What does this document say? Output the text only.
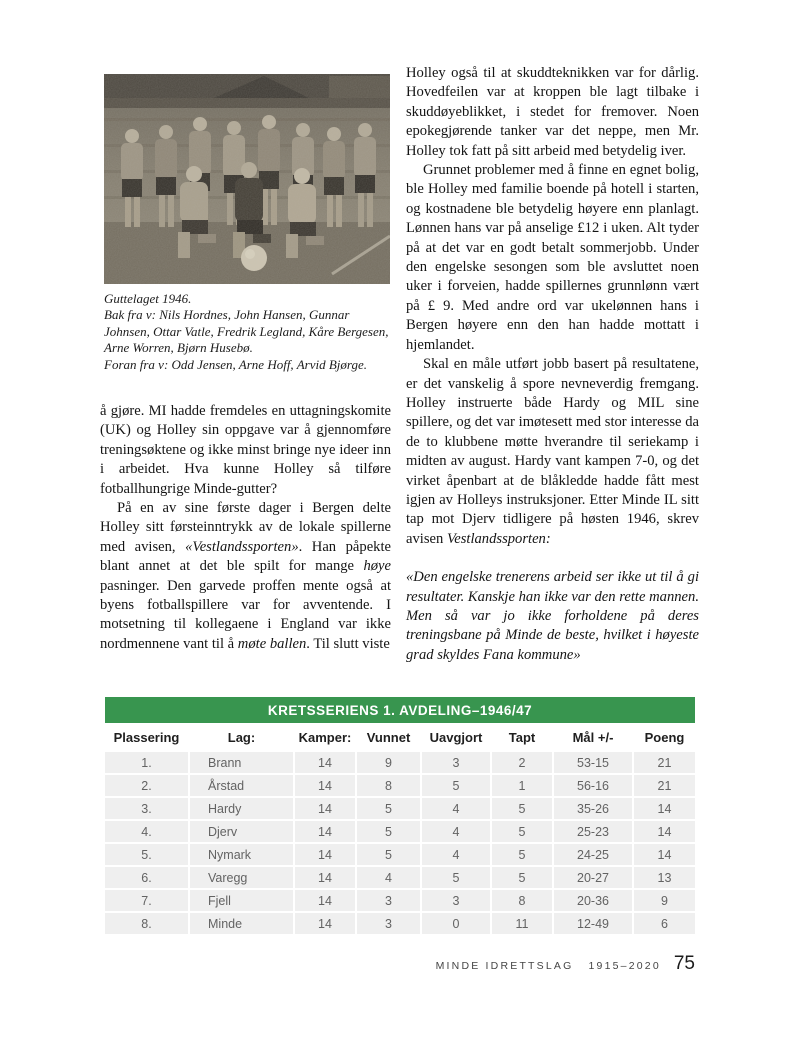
Guttelaget 1946.
Bak fra v: Nils Hordnes, John Hansen, Gunnar
Johnsen, Ottar Vatle, Fredrik Legland, Kåre Bergesen,
Arne Worren, Bjørn Husebø.
Foran fra v: Odd Jensen, Arne Hoff, Arvid Bjørge.

å gjøre. MI hadde fremdeles en uttagningskomite (UK) og Holley sin oppgave var å gjennomføre treningsøktene og ikke minst bringe nye ideer inn i arbeidet. Hva kunne Holley så tilføre fotballhungrige Minde-gutter?

På en av sine første dager i Bergen delte Holley sitt førsteinntrykk av de lokale spillerne med avisen, «Vestlandssporten». Han påpekte blant annet at det ble spilt for mange høye pasninger. Den garvede proffen mente også at byens fotballspillere var for avventende. I motsetning til kollegaene i England var ikke nordmennene vant til å møte ballen. Til slutt viste

Holley også til at skuddteknikken var for dårlig. Hovedfeilen var at kroppen ble lagt tilbake i skuddøyeblikket, i stedet for fremover. Noen epokegjørende tanker var det neppe, men Mr. Holley tok fatt på sitt arbeid med betydelig iver.

Grunnet problemer med å finne en egnet bolig, ble Holley med familie boende på hotell i starten, og kostnadene ble betydelig høyere enn planlagt. Lønnen hans var på anselige £12 i uken. Alt tyder på at det var en godt betalt sommerjobb. Under den engelske sesongen som ble avsluttet noen uker i forveien, hadde spillernes grunnlønn vært på £ 9. Med andre ord var ukelønnen hans i Bergen høyere enn den han hadde mottatt i hjemlandet.

Skal en måle utført jobb basert på resultatene, er det vanskelig å spore nevneverdig fremgang. Holley instruerte både Hardy og MIL sine spillere, og det var imøtesett med stor interesse da de to klubbene møtte hverandre til seriekamp i midten av august. Hardy vant kampen 7-0, og det virket åpenbart at de blåkledde hadde fått mest igjen av Holleys instruksjoner. Etter Minde IL sitt tap mot Djerv tidligere på høsten 1946, skrev avisen Vestlandssporten:

«Den engelske trenerens arbeid ser ikke ut til å gi resultater. Kanskje han ikke var den rette mannen. Men så var jo ikke forholdene på deres treningsbane på Minde de beste, hvilket i høyeste grad skyldes Fana kommune»

KRETSSERIENS 1. AVDELING–1946/47
Plassering	Lag:	Kamper:	Vunnet	Uavgjort	Tapt	Mål +/-	Poeng
1.	Brann	14	9	3	2	53-15	21
2.	Årstad	14	8	5	1	56-16	21
3.	Hardy	14	5	4	5	35-26	14
4.	Djerv	14	5	4	5	25-23	14
5.	Nymark	14	5	4	5	24-25	14
6.	Varegg	14	4	5	5	20-27	13
7.	Fjell	14	3	3	8	20-36	9
8.	Minde	14	3	0	11	12-49	6
MINDE IDRETTSLAG 1915–2020 75
